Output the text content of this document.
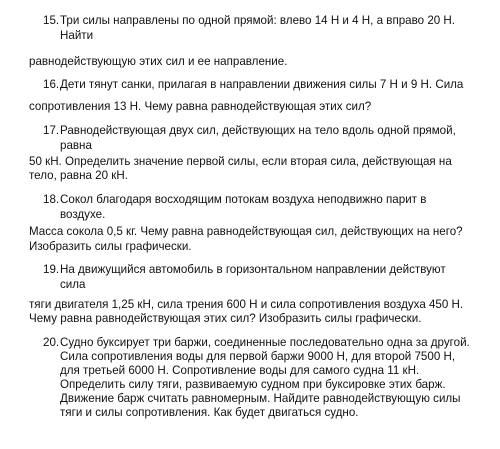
15. Три силы направлены по одной прямой: влево 14 Н и 4 Н, а вправо 20 Н.
Найти
равнодействующую этих сил и ее направление.
16. Дети тянут санки, прилагая в направлении движения силы 7 Н и 9 Н. Сила
сопротивления 13 Н. Чему равна равнодействующая этих сил?
17. Равнодействующая двух сил, действующих на тело вдоль одной прямой,
равна
50 кН. Определить значение первой силы, если вторая сила, действующая на
тело, равна 20 кН.
18. Сокол благодаря восходящим потокам воздуха неподвижно парит в
воздухе.
Масса сокола 0,5 кг. Чему равна равнодействующая сил, действующих на него?
Изобразить силы графически.
19. На движущийся автомобиль в горизонтальном направлении действуют
сила
тяги двигателя 1,25 кН, сила трения 600 Н и сила сопротивления воздуха 450 Н.
Чему равна равнодействующая этих сил? Изобразить силы графически.
20. Судно буксирует три баржи, соединенные последовательно одна за другой.
Сила сопротивления воды для первой баржи 9000 Н, для второй 7500 Н,
для третьей 6000 Н. Сопротивление воды для самого судна 11 кН.
Определить силу тяги, развиваемую судном при буксировке этих барж.
Движение барж считать равномерным. Найдите равнодействующую силы
тяги и силы сопротивления. Как будет двигаться судно.
